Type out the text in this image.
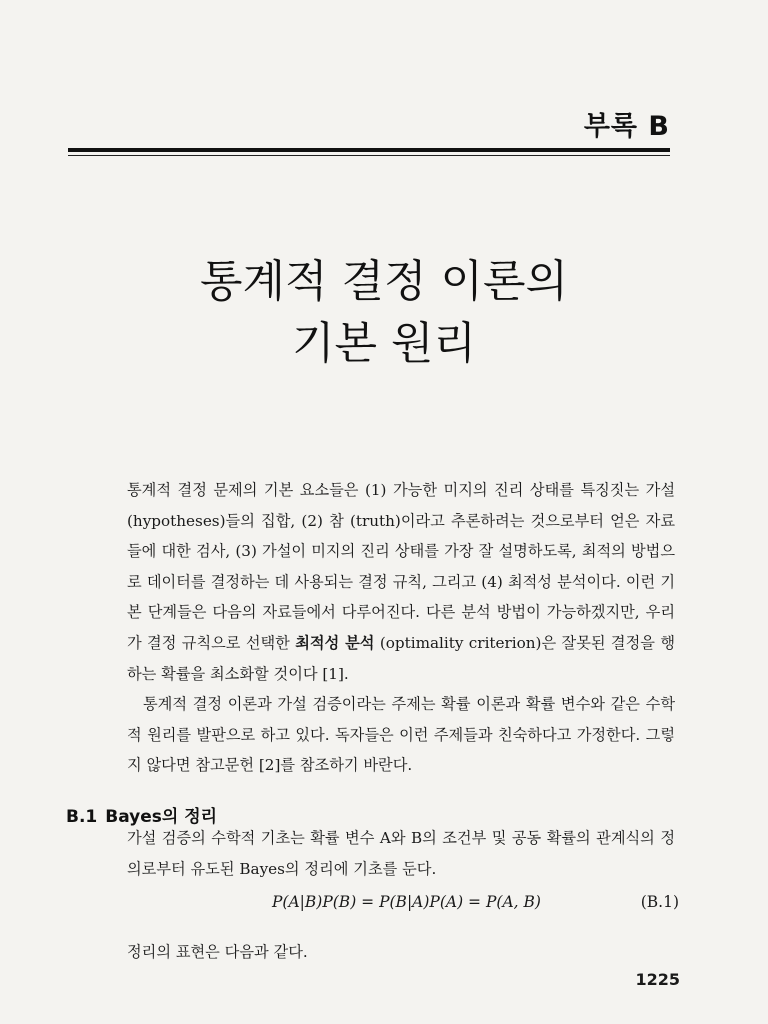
부록 B
통계적 결정 이론의
기본 원리

통계적 결정 문제의 기본 요소들은 (1) 가능한 미지의 진리 상태를 특징짓는 가설 (hypotheses)들의 집합, (2) 참 (truth)이라고 추론하려는 것으로부터 얻은 자료들에 대한 검사, (3) 가설이 미지의 진리 상태를 가장 잘 설명하도록, 최적의 방법으로 데이터를 결정하는 데 사용되는 결정 규칙, 그리고 (4) 최적성 분석이다. 이런 기본 단계들은 다음의 자료들에서 다루어진다. 다른 분석 방법이 가능하겠지만, 우리가 결정 규칙으로 선택한 최적성 분석 (optimality criterion)은 잘못된 결정을 행하는 확률을 최소화할 것이다 [1].

통계적 결정 이론과 가설 검증이라는 주제는 확률 이론과 확률 변수와 같은 수학적 원리를 발판으로 하고 있다. 독자들은 이런 주제들과 친숙하다고 가정한다. 그렇지 않다면 참고문헌 [2]를 참조하기 바란다.

B.1 Bayes의 정리
가설 검증의 수학적 기초는 확률 변수 A와 B의 조건부 및 공동 확률의 관계식의 정의로부터 유도된 Bayes의 정리에 기초를 둔다.
P(A|B)P(B) = P(B|A)P(A) = P(A, B)	(B.1)
정리의 표현은 다음과 같다.
1225
